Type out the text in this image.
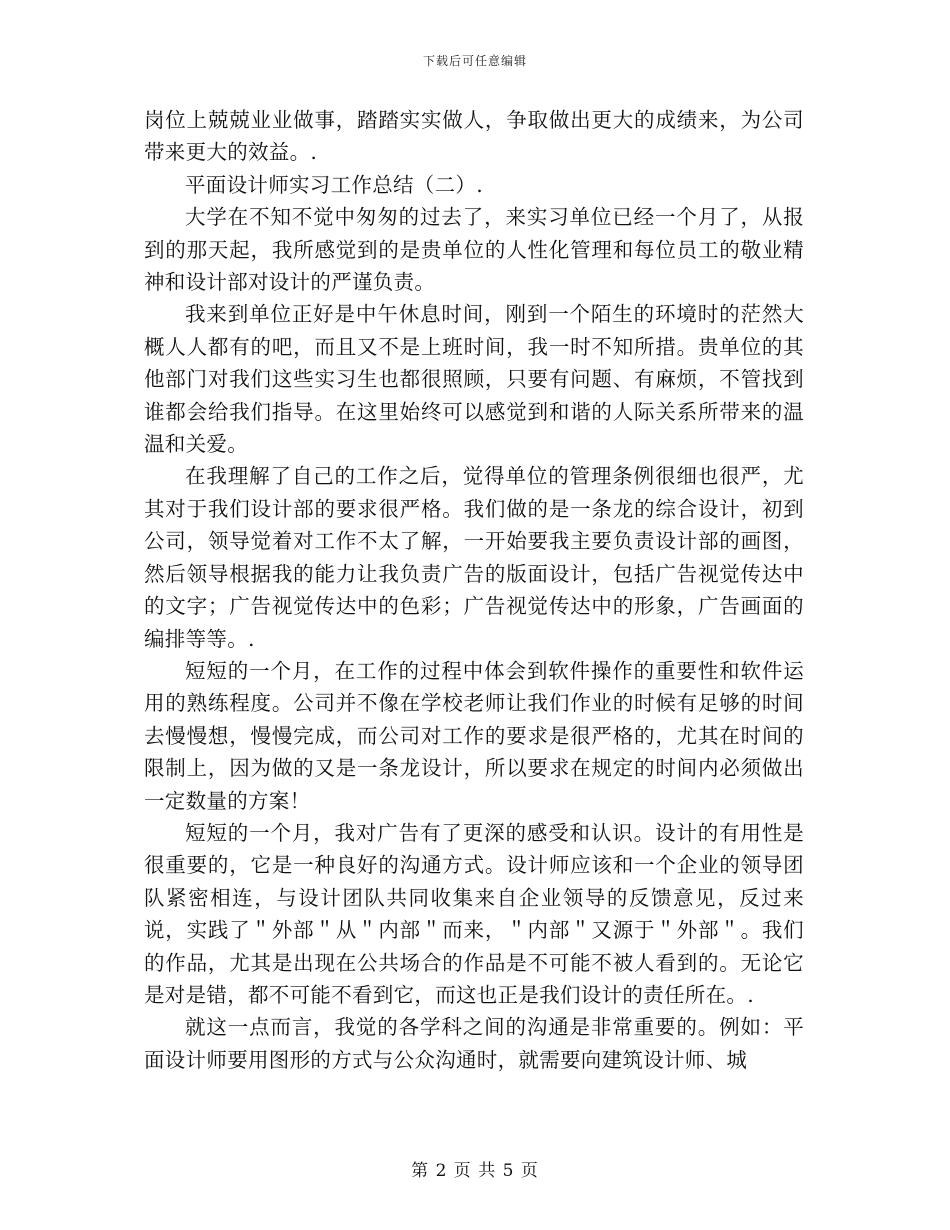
下载后可任意编辑

岗位上兢兢业业做事，踏踏实实做人，争取做出更大的成绩来，为公司带来更大的效益。.

平面设计师实习工作总结（二）.

大学在不知不觉中匆匆的过去了，来实习单位已经一个月了，从报到的那天起，我所感觉到的是贵单位的人性化管理和每位员工的敬业精神和设计部对设计的严谨负责。

我来到单位正好是中午休息时间，刚到一个陌生的环境时的茫然大概人人都有的吧，而且又不是上班时间，我一时不知所措。贵单位的其他部门对我们这些实习生也都很照顾，只要有问题、有麻烦，不管找到谁都会给我们指导。在这里始终可以感觉到和谐的人际关系所带来的温温和关爱。

在我理解了自己的工作之后，觉得单位的管理条例很细也很严，尤其对于我们设计部的要求很严格。我们做的是一条龙的综合设计，初到公司，领导觉着对工作不太了解，一开始要我主要负责设计部的画图，然后领导根据我的能力让我负责广告的版面设计，包括广告视觉传达中的文字；广告视觉传达中的色彩；广告视觉传达中的形象，广告画面的编排等等。.

短短的一个月，在工作的过程中体会到软件操作的重要性和软件运用的熟练程度。公司并不像在学校老师让我们作业的时候有足够的时间去慢慢想，慢慢完成，而公司对工作的要求是很严格的，尤其在时间的限制上，因为做的又是一条龙设计，所以要求在规定的时间内必须做出一定数量的方案！

短短的一个月，我对广告有了更深的感受和认识。设计的有用性是很重要的，它是一种良好的沟通方式。设计师应该和一个企业的领导团队紧密相连，与设计团队共同收集来自企业领导的反馈意见，反过来说，实践了＂外部＂从＂内部＂而来，＂内部＂又源于＂外部＂。我们的作品，尤其是出现在公共场合的作品是不可能不被人看到的。无论它是对是错，都不可能不看到它，而这也正是我们设计的责任所在。.

就这一点而言，我觉的各学科之间的沟通是非常重要的。例如：平面设计师要用图形的方式与公众沟通时，就需要向建筑设计师、城

第 2 页 共 5 页
